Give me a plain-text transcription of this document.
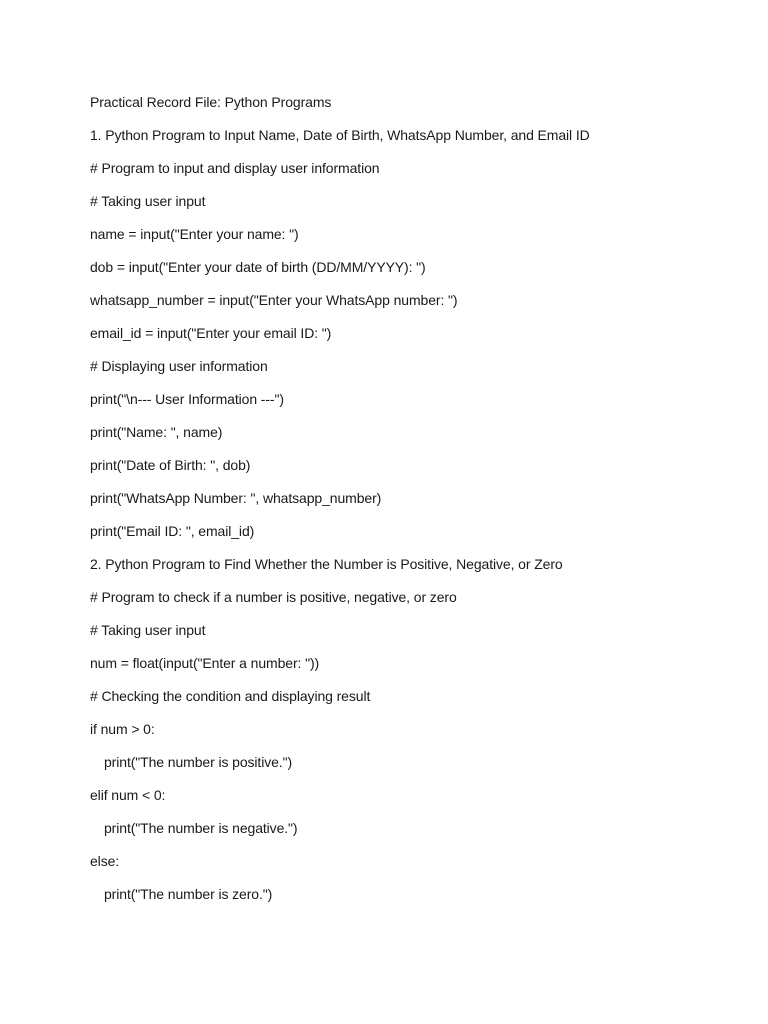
Practical Record File: Python Programs
1. Python Program to Input Name, Date of Birth, WhatsApp Number, and Email ID
# Program to input and display user information
# Taking user input
name = input("Enter your name: ")
dob = input("Enter your date of birth (DD/MM/YYYY): ")
whatsapp_number = input("Enter your WhatsApp number: ")
email_id = input("Enter your email ID: ")
# Displaying user information
print("\n--- User Information ---")
print("Name: ", name)
print("Date of Birth: ", dob)
print("WhatsApp Number: ", whatsapp_number)
print("Email ID: ", email_id)
2. Python Program to Find Whether the Number is Positive, Negative, or Zero
# Program to check if a number is positive, negative, or zero
# Taking user input
num = float(input("Enter a number: "))
# Checking the condition and displaying result
if num > 0:
print("The number is positive.")
elif num < 0:
print("The number is negative.")
else:
print("The number is zero.")
